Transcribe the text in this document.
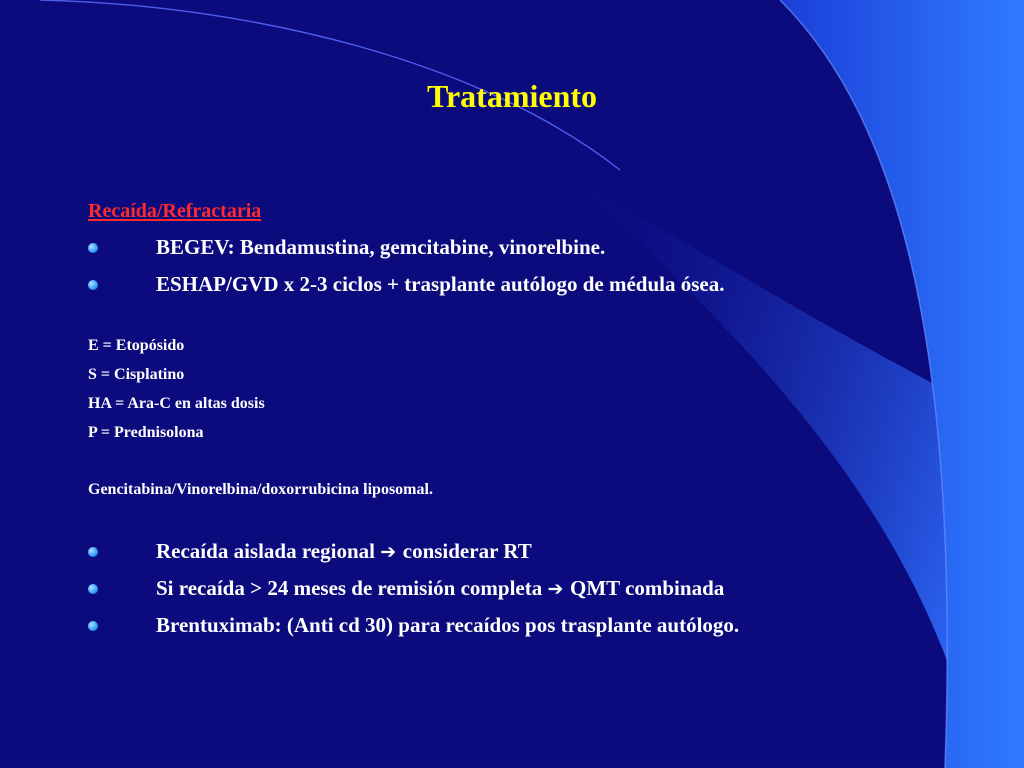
Tratamiento
Recaída/Refractaria
BEGEV: Bendamustina, gemcitabine, vinorelbine.
ESHAP/GVD x 2-3 ciclos + trasplante autólogo de médula ósea.
E = Etopósido
S = Cisplatino
HA = Ara-C en altas dosis
P = Prednisolona
Gencitabina/Vinorelbina/doxorrubicina liposomal.
Recaída aislada regional ➔ considerar RT
Si recaída > 24 meses de remisión completa ➔ QMT combinada
Brentuximab: (Anti cd 30) para recaídos pos trasplante autólogo.
